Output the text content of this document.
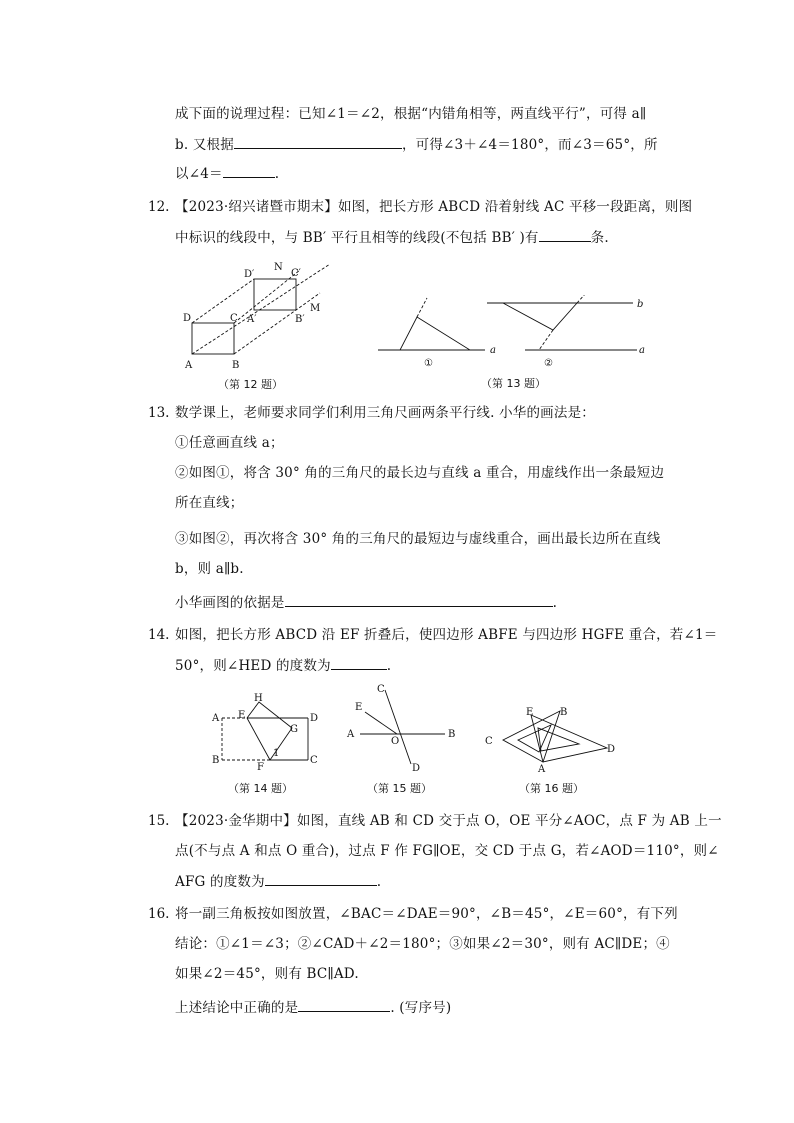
成下面的说理过程：已知∠1＝∠2，根据“内错角相等，两直线平行”，可得 a∥
b. 又根据	，可得∠3＋∠4＝180°，而∠3＝65°，所
以∠4＝	.
12. 【2023·绍兴诸暨市期末】如图，把长方形 ABCD 沿着射线 AC 平移一段距离，则图
中标识的线段中，与 BB′ 平行且相等的线段(不包括 BB′ )有	条.
A	B
C
D	A′	B′
C′
D′
N
M
（第 12 题）
a	a
b
①	②
（第 13 题）
13. 数学课上，老师要求同学们利用三角尺画两条平行线. 小华的画法是：
①任意画直线 a；
②如图①，将含 30° 角的三角尺的最长边与直线 a 重合，用虚线作出一条最短边
所在直线；
③如图②，再次将含 30° 角的三角尺的最短边与虚线重合，画出最长边所在直线
b，则 a∥b.
小华画图的依据是	.
14. 如图，把长方形 ABCD 沿 EF 折叠后，使四边形 ABFE 与四边形 HGFE 重合，若∠1＝
50°，则∠HED 的度数为	.
A
B	C
D
E
F
G
H
1
（第 14 题）
A	B
C
D
E
O
（第 15 题）
A
B
C
D
E
（第 16 题）
15. 【2023·金华期中】如图，直线 AB 和 CD 交于点 O，OE 平分∠AOC，点 F 为 AB 上一
点(不与点 A 和点 O 重合)，过点 F 作 FG∥OE，交 CD 于点 G，若∠AOD＝110°，则∠
AFG 的度数为	.
16. 将一副三角板按如图放置，∠BAC＝∠DAE＝90°，∠B＝45°，∠E＝60°，有下列
结论：①∠1＝∠3；②∠CAD＋∠2＝180°；③如果∠2＝30°，则有 AC∥DE；④
如果∠2＝45°，则有 BC∥AD.
上述结论中正确的是	. (写序号)
